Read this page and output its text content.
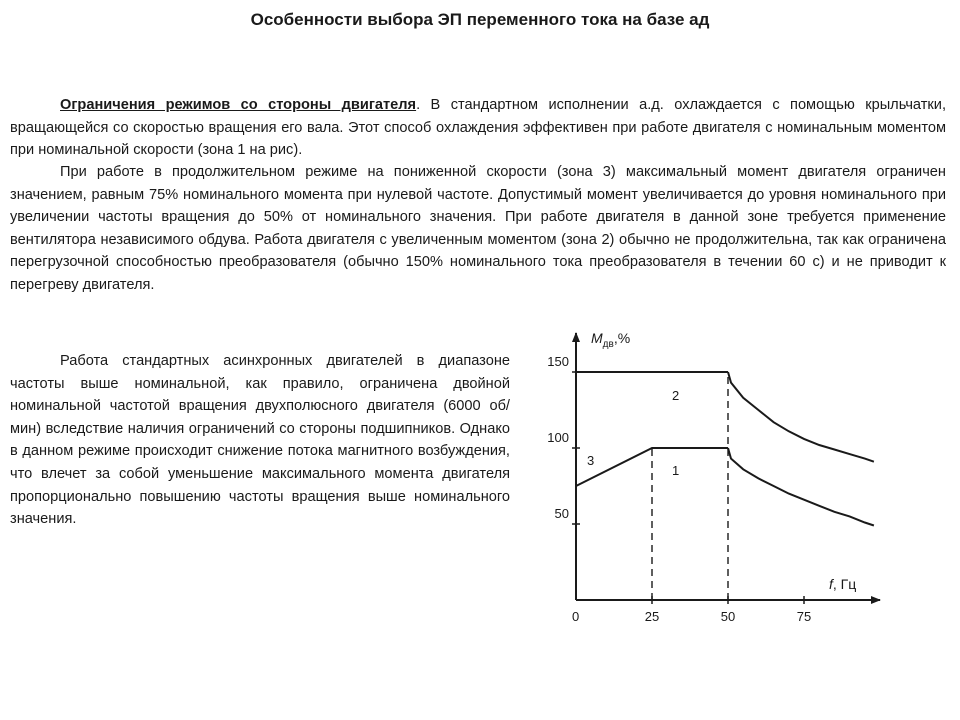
Особенности выбора ЭП переменного тока на базе ад

Ограничения режимов со стороны двигателя. В стандартном исполнении а.д. охлаждается с помощью крыльчатки, вращающейся со скоростью вращения его вала. Этот способ охлаждения эффективен при работе двигателя с номинальным моментом при номинальной скорости (зона 1 на рис).

При работе в продолжительном режиме на пониженной скорости (зона 3) максимальный момент двигателя ограничен значением, равным 75% номинального момента при нулевой частоте. Допустимый момент увеличивается до уровня номинального при увеличении частоты вращения до 50% от номинального значения. При работе двигателя в данной зоне требуется применение вентилятора независимого обдува. Работа двигателя с увеличенным моментом (зона 2) обычно не продолжительна, так как ограничена перегрузочной способностью преобразователя (обычно 150% номинального тока преобразователя в течении 60 с) и не приводит к перегреву двигателя.

Работа стандартных асинхронных двигателей в диапазоне частоты выше номинальной, как правило, ограничена двойной номинальной частотой вращения двухполюсного двигателя (6000 об/мин) вследствие наличия ограничений со стороны подшипников. Однако в данном режиме происходит снижение потока магнитного возбуждения, что влечет за собой уменьшение максимального момента двигателя пропорционально повышению частоты вращения выше номинального значения.

25	50	75
50
100
150
$M_{дв},\%$
f, Гц
0
1
2
3
